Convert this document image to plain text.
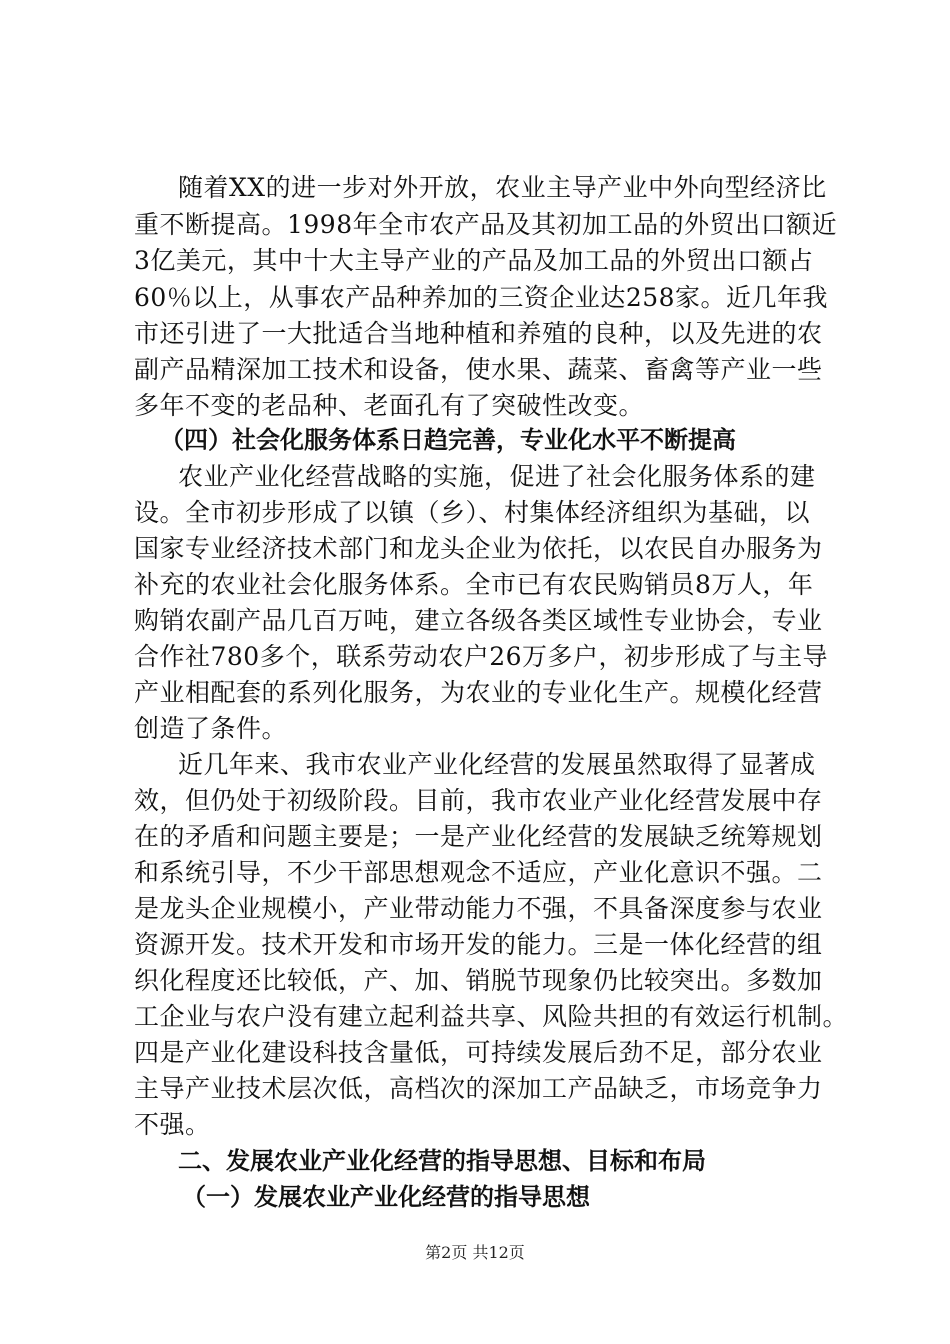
随着XX的进一步对外开放，农业主导产业中外向型经济比
重不断提高。1998年全市农产品及其初加工品的外贸出口额近
3亿美元，其中十大主导产业的产品及加工品的外贸出口额占
60％以上，从事农产品种养加的三资企业达258家。近几年我
市还引进了一大批适合当地种植和养殖的良种，以及先进的农
副产品精深加工技术和设备，使水果、蔬菜、畜禽等产业一些
多年不变的老品种、老面孔有了突破性改变。
（四）社会化服务体系日趋完善，专业化水平不断提高
农业产业化经营战略的实施，促进了社会化服务体系的建
设。全市初步形成了以镇（乡）、村集体经济组织为基础，以
国家专业经济技术部门和龙头企业为依托，以农民自办服务为
补充的农业社会化服务体系。全市已有农民购销员8万人，年
购销农副产品几百万吨，建立各级各类区域性专业协会，专业
合作社780多个，联系劳动农户26万多户，初步形成了与主导
产业相配套的系列化服务，为农业的专业化生产。规模化经营
创造了条件。
近几年来、我市农业产业化经营的发展虽然取得了显著成
效，但仍处于初级阶段。目前，我市农业产业化经营发展中存
在的矛盾和问题主要是；一是产业化经营的发展缺乏统筹规划
和系统引导，不少干部思想观念不适应，产业化意识不强。二
是龙头企业规模小，产业带动能力不强，不具备深度参与农业
资源开发。技术开发和市场开发的能力。三是一体化经营的组
织化程度还比较低，产、加、销脱节现象仍比较突出。多数加
工企业与农户没有建立起利益共享、风险共担的有效运行机制。
四是产业化建设科技含量低，可持续发展后劲不足，部分农业
主导产业技术层次低，高档次的深加工产品缺乏，市场竞争力
不强。
二、发展农业产业化经营的指导思想、目标和布局
（一）发展农业产业化经营的指导思想
第2页 共12页
